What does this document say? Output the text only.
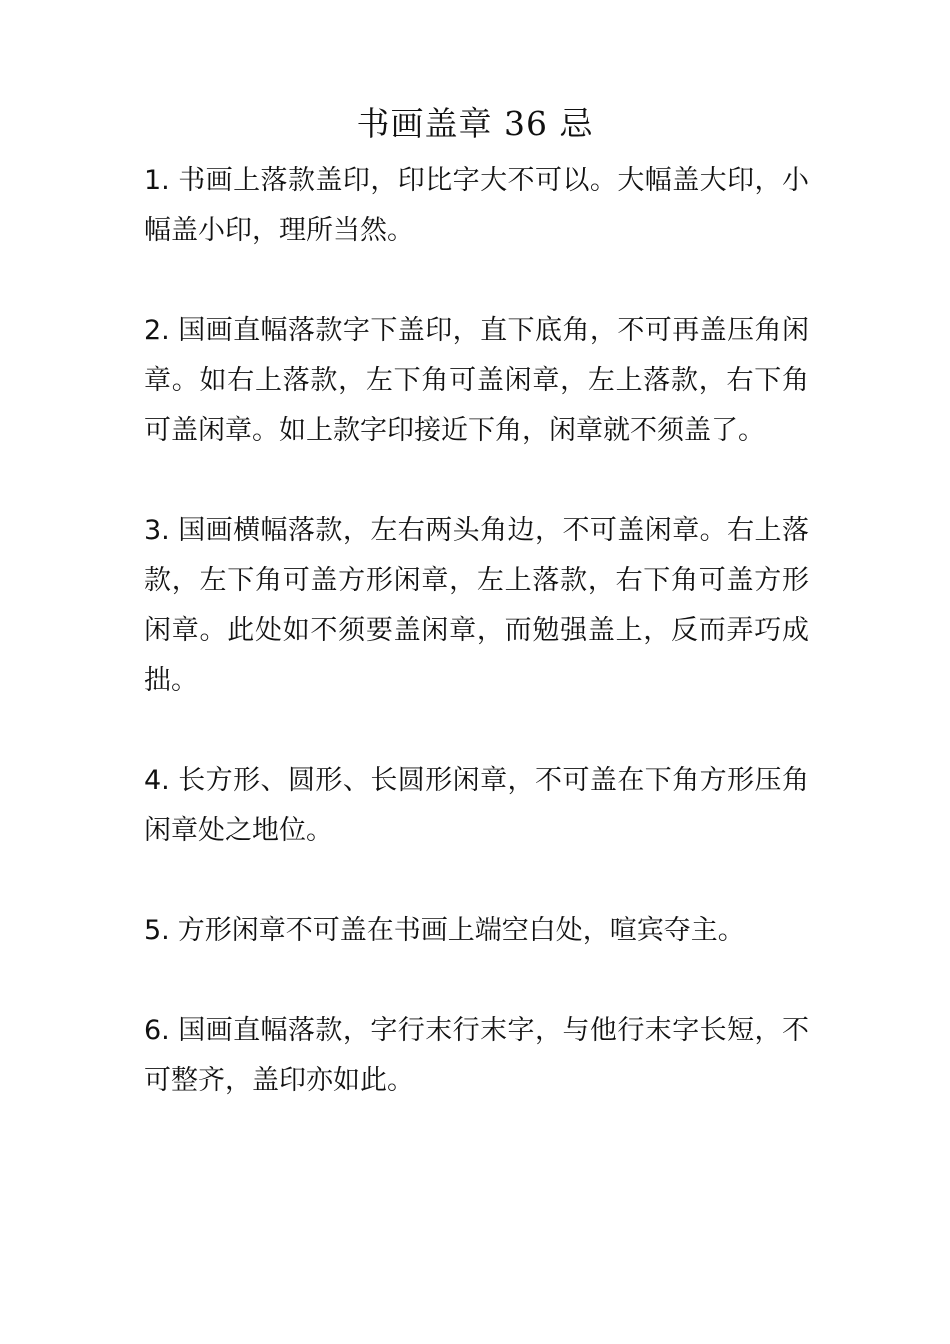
书画盖章 36 忌

1. 书画上落款盖印，印比字大不可以。大幅盖大印，小幅盖小印，理所当然。

2. 国画直幅落款字下盖印，直下底角，不可再盖压角闲章。如右上落款，左下角可盖闲章，左上落款，右下角可盖闲章。如上款字印接近下角，闲章就不须盖了。

3. 国画横幅落款，左右两头角边，不可盖闲章。右上落款，左下角可盖方形闲章，左上落款，右下角可盖方形闲章。此处如不须要盖闲章，而勉强盖上，反而弄巧成拙。

4. 长方形、圆形、长圆形闲章，不可盖在下角方形压角闲章处之地位。

5. 方形闲章不可盖在书画上端空白处，喧宾夺主。

6. 国画直幅落款，字行末行末字，与他行末字长短，不可整齐，盖印亦如此。
